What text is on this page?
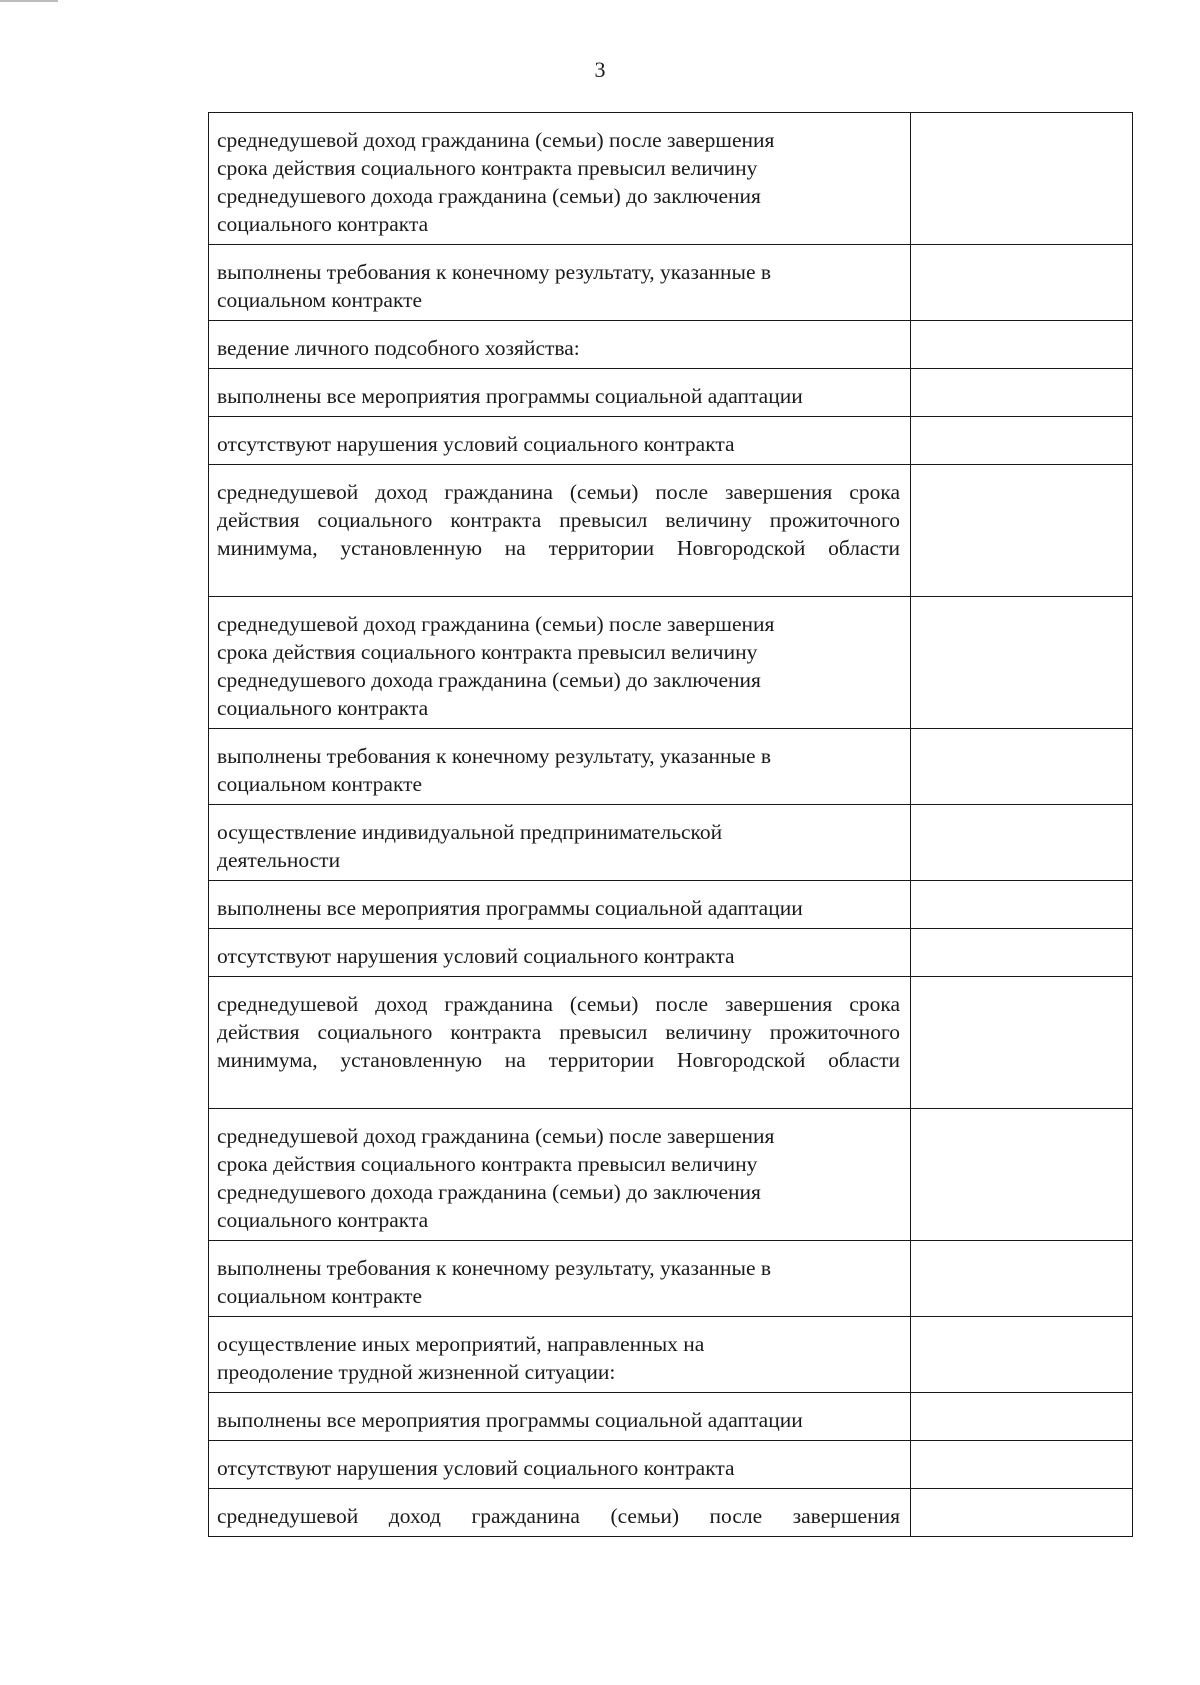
3
среднедушевой доход гражданина (семьи) после завершения
срока действия социального контракта превысил величину
среднедушевого дохода гражданина (семьи) до заключения
социального контракта	

выполнены требования к конечному результату, указанные в
социальном контракте	

ведение личного подсобного хозяйства:	

выполнены все мероприятия программы социальной адаптации	

отсутствуют нарушения условий социального контракта	

среднедушевой доход гражданина (семьи) после завершения срока действия социального контракта превысил величину прожиточного минимума, установленную на территории Новгородской области	

среднедушевой доход гражданина (семьи) после завершения
срока действия социального контракта превысил величину
среднедушевого дохода гражданина (семьи) до заключения
социального контракта	

выполнены требования к конечному результату, указанные в
социальном контракте	

осуществление индивидуальной предпринимательской
деятельности	

выполнены все мероприятия программы социальной адаптации	

отсутствуют нарушения условий социального контракта	

среднедушевой доход гражданина (семьи) после завершения срока действия социального контракта превысил величину прожиточного минимума, установленную на территории Новгородской области	

среднедушевой доход гражданина (семьи) после завершения
срока действия социального контракта превысил величину
среднедушевого дохода гражданина (семьи) до заключения
социального контракта	

выполнены требования к конечному результату, указанные в
социальном контракте	

осуществление иных мероприятий, направленных на
преодоление трудной жизненной ситуации:	

выполнены все мероприятия программы социальной адаптации	

отсутствуют нарушения условий социального контракта	

среднедушевой доход гражданина (семьи) после завершения	
